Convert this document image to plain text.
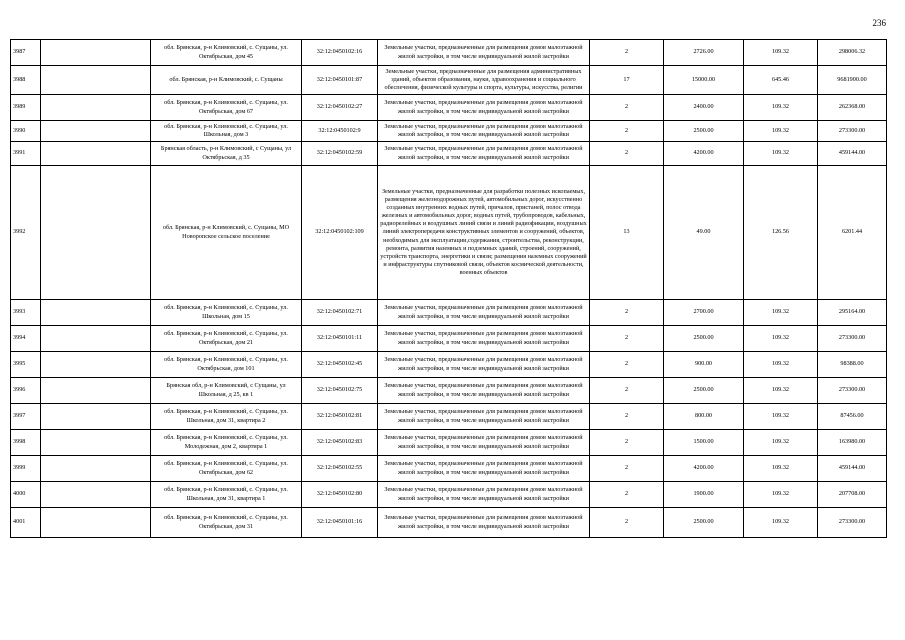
236
3987		обл. Брянская, р-н Климовский, с. Сущаны, ул. Октябрьская, дом 45	32:12:0450102:16	Земельные участки, предназначенные для размещения домов малоэтажной жилой застройки, в том числе индивидуальной жилой застройки	2	2726.00	109.32	298006.32
3988		обл. Брянская, р-н Климовский, с. Сущаны	32:12:0450101:87	Земельные участки, предназначенные для размещения административных зданий, объектов образования, науки, здравоохранения и социального обеспечения, физической культуры и спорта, культуры, искусства, религии	17	15000.00	645.46	9681900.00
3989		обл. Брянская, р-н Климовский, с. Сущаны, ул. Октябрьская, дом 67	32:12:0450102:27	Земельные участки, предназначенные для размещения домов малоэтажной жилой застройки, в том числе индивидуальной жилой застройки	2	2400.00	109.32	262368.00
3990		обл. Брянская, р-н Климовский, с. Сущаны, ул. Школьная, дом 3	32:12:0450102:9	Земельные участки, предназначенные для размещения домов малоэтажной жилой застройки, в том числе индивидуальной жилой застройки	2	2500.00	109.32	273300.00
3991		Брянская область, р-н Климовский, с Сущаны, ул Октябрьская, д 35	32:12:0450102:59	Земельные участки, предназначенные для размещения домов малоэтажной жилой застройки, в том числе индивидуальной жилой застройки	2	4200.00	109.32	459144.00
3992		обл. Брянская, р-н Климовский, с. Сущаны, МО Новоропское сельское поселение	32:12:0450102:109	Земельные участки, предназначенные для разработки полезных ископаемых, размещения железнодорожных путей, автомобильных дорог, искусственно созданных внутренних водных путей, причалов, пристаней, полос отвода железных и автомобильных дорог, водных путей, трубопроводов, кабельных, радиорелейных и воздушных линий связи и линий радиофикации, воздушных линий электропередачи конструктивных элементов и сооружений, объектов, необходимых для эксплуатации,содержания, строительства, реконструкции, ремонта, развития наземных и подземных зданий, строений, сооружений, устройств транспорта, энергетики и связи; размещения наземных сооружений и инфраструктуры спутниковой связи, объектов космической деятельности, военных объектов	13	49.00	126.56	6201.44
3993		обл. Брянская, р-н Климовский, с. Сущаны, ул. Школьная, дом 15	32:12:0450102:71	Земельные участки, предназначенные для размещения домов малоэтажной жилой застройки, в том числе индивидуальной жилой застройки	2	2700.00	109.32	295164.00
3994		обл. Брянская, р-н Климовский, с. Сущаны, ул. Октябрьская, дом 21	32:12:0450101:11	Земельные участки, предназначенные для размещения домов малоэтажной жилой застройки, в том числе индивидуальной жилой застройки	2	2500.00	109.32	273300.00
3995		обл. Брянская, р-н Климовский, с. Сущаны, ул. Октябрьская, дом 101	32:12:0450102:45	Земельные участки, предназначенные для размещения домов малоэтажной жилой застройки, в том числе индивидуальной жилой застройки	2	900.00	109.32	98388.00
3996		Брянская обл, р-н Климовский, с Сущаны, ул Школьная, д 25, кв 1	32:12:0450102:75	Земельные участки, предназначенные для размещения домов малоэтажной жилой застройки, в том числе индивидуальной жилой застройки	2	2500.00	109.32	273300.00
3997		обл. Брянская, р-н Климовский, с. Сущаны, ул. Школьная, дом 31, квартира 2	32:12:0450102:81	Земельные участки, предназначенные для размещения домов малоэтажной жилой застройки, в том числе индивидуальной жилой застройки	2	800.00	109.32	87456.00
3998		обл. Брянская, р-н Климовский, с. Сущаны, ул. Молодежная, дом 2, квартира 1	32:12:0450102:83	Земельные участки, предназначенные для размещения домов малоэтажной жилой застройки, в том числе индивидуальной жилой застройки	2	1500.00	109.32	163980.00
3999		обл. Брянская, р-н Климовский, с. Сущаны, ул. Октябрьская, дом 62	32:12:0450102:55	Земельные участки, предназначенные для размещения домов малоэтажной жилой застройки, в том числе индивидуальной жилой застройки	2	4200.00	109.32	459144.00
4000		обл. Брянская, р-н Климовский, с. Сущаны, ул. Школьная, дом 31, квартира 1	32:12:0450102:80	Земельные участки, предназначенные для размещения домов малоэтажной жилой застройки, в том числе индивидуальной жилой застройки	2	1900.00	109.32	207708.00
4001		обл. Брянская, р-н Климовский, с. Сущаны, ул. Октябрьская, дом 31	32:12:0450101:16	Земельные участки, предназначенные для размещения домов малоэтажной жилой застройки, в том числе индивидуальной жилой застройки	2	2500.00	109.32	273300.00
